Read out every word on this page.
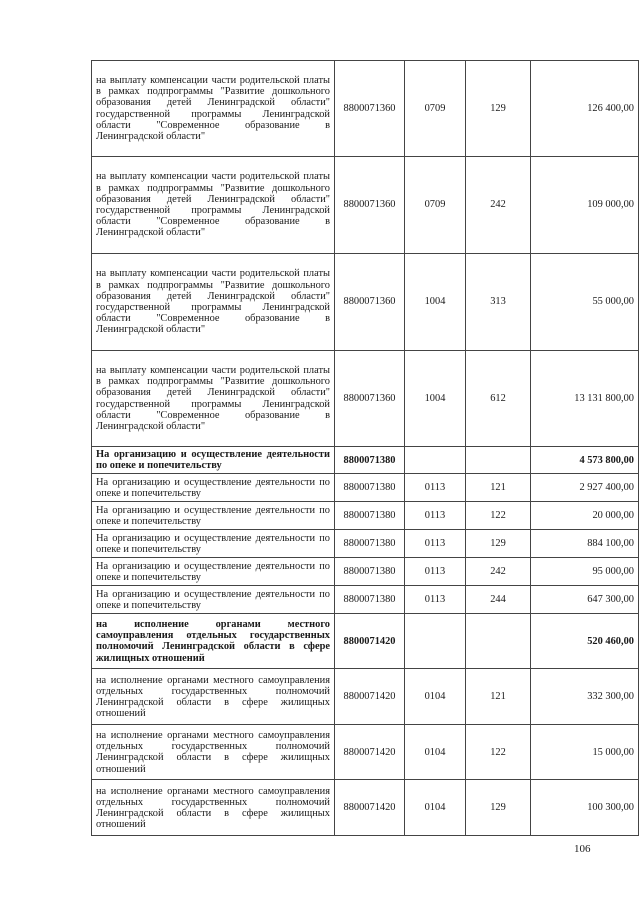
на выплату компенсации части родительской платы в рамках подпрограммы "Развитие дошкольного образования детей Ленинградской области" государственной программы Ленинградской области "Современное образование в Ленинградской области"	8800071360	0709	129	126 400,00
на выплату компенсации части родительской платы в рамках подпрограммы "Развитие дошкольного образования детей Ленинградской области" государственной программы Ленинградской области "Современное образование в Ленинградской области"	8800071360	0709	242	109 000,00
на выплату компенсации части родительской платы в рамках подпрограммы "Развитие дошкольного образования детей Ленинградской области" государственной программы Ленинградской области "Современное образование в Ленинградской области"	8800071360	1004	313	55 000,00
на выплату компенсации части родительской платы в рамках подпрограммы "Развитие дошкольного образования детей Ленинградской области" государственной программы Ленинградской области "Современное образование в Ленинградской области"	8800071360	1004	612	13 131 800,00
На организацию и осуществление деятельности по опеке и попечительству	8800071380			4 573 800,00
На организацию и осуществление деятельности по опеке и попечительству	8800071380	0113	121	2 927 400,00
На организацию и осуществление деятельности по опеке и попечительству	8800071380	0113	122	20 000,00
На организацию и осуществление деятельности по опеке и попечительству	8800071380	0113	129	884 100,00
На организацию и осуществление деятельности по опеке и попечительству	8800071380	0113	242	95 000,00
На организацию и осуществление деятельности по опеке и попечительству	8800071380	0113	244	647 300,00
на исполнение органами местного самоуправления отдельных государственных полномочий Ленинградской области в сфере жилищных отношений	8800071420			520 460,00
на исполнение органами местного самоуправления отдельных государственных полномочий Ленинградской области в сфере жилищных отношений	8800071420	0104	121	332 300,00
на исполнение органами местного самоуправления отдельных государственных полномочий Ленинградской области в сфере жилищных отношений	8800071420	0104	122	15 000,00
на исполнение органами местного самоуправления отдельных государственных полномочий Ленинградской области в сфере жилищных отношений	8800071420	0104	129	100 300,00
106
